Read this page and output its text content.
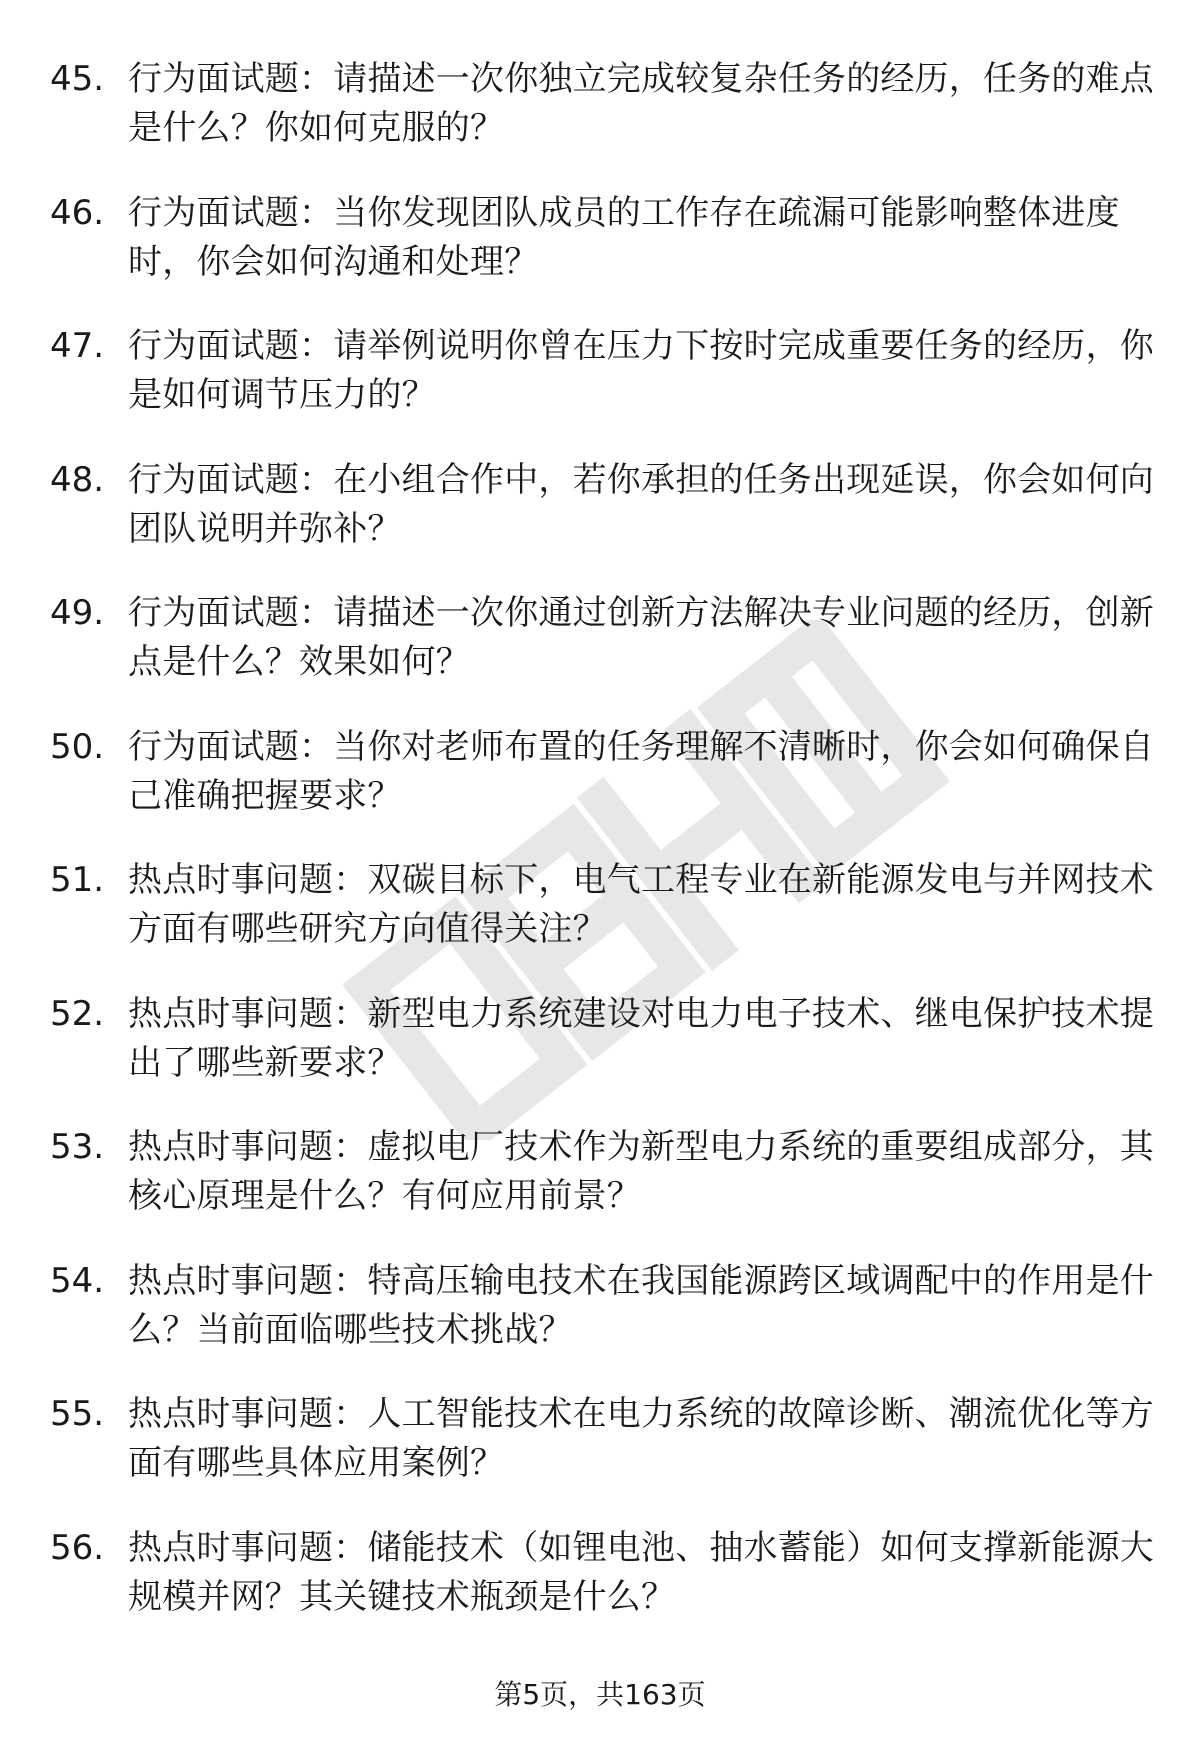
45. 行为面试题：请描述一次你独立完成较复杂任务的经历，任务的难点是什么？你如何克服的？
46. 行为面试题：当你发现团队成员的工作存在疏漏可能影响整体进度时，你会如何沟通和处理？
47. 行为面试题：请举例说明你曾在压力下按时完成重要任务的经历，你是如何调节压力的？
48. 行为面试题：在小组合作中，若你承担的任务出现延误，你会如何向团队说明并弥补？
49. 行为面试题：请描述一次你通过创新方法解决专业问题的经历，创新点是什么？效果如何？
50. 行为面试题：当你对老师布置的任务理解不清晰时，你会如何确保自己准确把握要求？
51. 热点时事问题：双碳目标下，电气工程专业在新能源发电与并网技术方面有哪些研究方向值得关注？
52. 热点时事问题：新型电力系统建设对电力电子技术、继电保护技术提出了哪些新要求？
53. 热点时事问题：虚拟电厂技术作为新型电力系统的重要组成部分，其核心原理是什么？有何应用前景？
54. 热点时事问题：特高压输电技术在我国能源跨区域调配中的作用是什么？当前面临哪些技术挑战？
55. 热点时事问题：人工智能技术在电力系统的故障诊断、潮流优化等方面有哪些具体应用案例？
56. 热点时事问题：储能技术（如锂电池、抽水蓄能）如何支撑新能源大规模并网？其关键技术瓶颈是什么？
第5页，共163页
